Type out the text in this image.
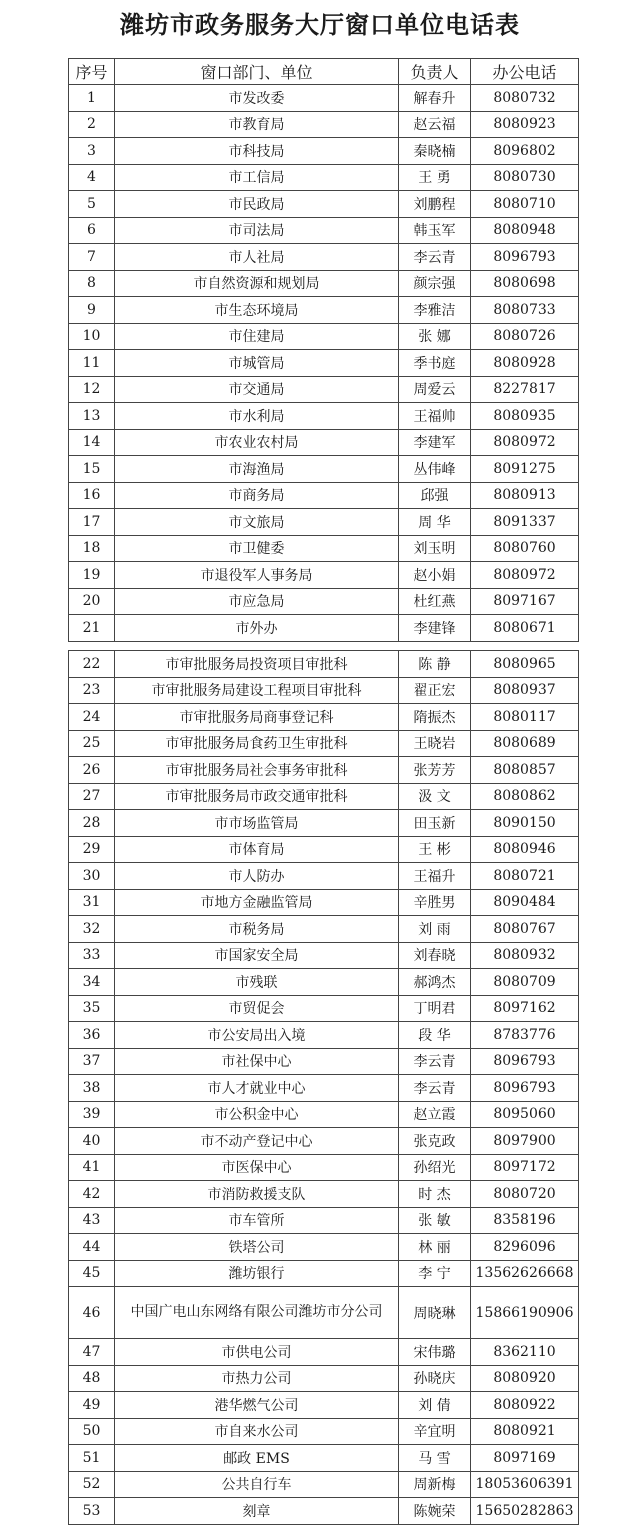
潍坊市政务服务大厅窗口单位电话表
序号	窗口部门、单位	负责人	办公电话
1	市发改委	解春升	8080732
2	市教育局	赵云福	8080923
3	市科技局	秦晓楠	8096802
4	市工信局	王 勇	8080730
5	市民政局	刘鹏程	8080710
6	市司法局	韩玉军	8080948
7	市人社局	李云青	8096793
8	市自然资源和规划局	颜宗强	8080698
9	市生态环境局	李雅洁	8080733
10	市住建局	张 娜	8080726
11	市城管局	季书庭	8080928
12	市交通局	周爱云	8227817
13	市水利局	王福帅	8080935
14	市农业农村局	李建军	8080972
15	市海渔局	丛伟峰	8091275
16	市商务局	邱强	8080913
17	市文旅局	周 华	8091337
18	市卫健委	刘玉明	8080760
19	市退役军人事务局	赵小娟	8080972
20	市应急局	杜红燕	8097167
21	市外办	李建锋	8080671
22	市审批服务局投资项目审批科	陈 静	8080965
23	市审批服务局建设工程项目审批科	翟正宏	8080937
24	市审批服务局商事登记科	隋振杰	8080117
25	市审批服务局食药卫生审批科	王晓岩	8080689
26	市审批服务局社会事务审批科	张芳芳	8080857
27	市审批服务局市政交通审批科	汲 文	8080862
28	市市场监管局	田玉新	8090150
29	市体育局	王 彬	8080946
30	市人防办	王福升	8080721
31	市地方金融监管局	辛胜男	8090484
32	市税务局	刘 雨	8080767
33	市国家安全局	刘春晓	8080932
34	市残联	郝鸿杰	8080709
35	市贸促会	丁明君	8097162
36	市公安局出入境	段 华	8783776
37	市社保中心	李云青	8096793
38	市人才就业中心	李云青	8096793
39	市公积金中心	赵立霞	8095060
40	市不动产登记中心	张克政	8097900
41	市医保中心	孙绍光	8097172
42	市消防救援支队	时 杰	8080720
43	市车管所	张 敏	8358196
44	铁塔公司	林 丽	8296096
45	潍坊银行	李 宁	13562626668
46	中国广电山东网络有限公司潍坊市分公司	周晓琳	15866190906
47	市供电公司	宋伟璐	8362110
48	市热力公司	孙晓庆	8080920
49	港华燃气公司	刘 倩	8080922
50	市自来水公司	辛宜明	8080921
51	邮政 EMS	马 雪	8097169
52	公共自行车	周新梅	18053606391
53	刻章	陈婉荣	15650282863
